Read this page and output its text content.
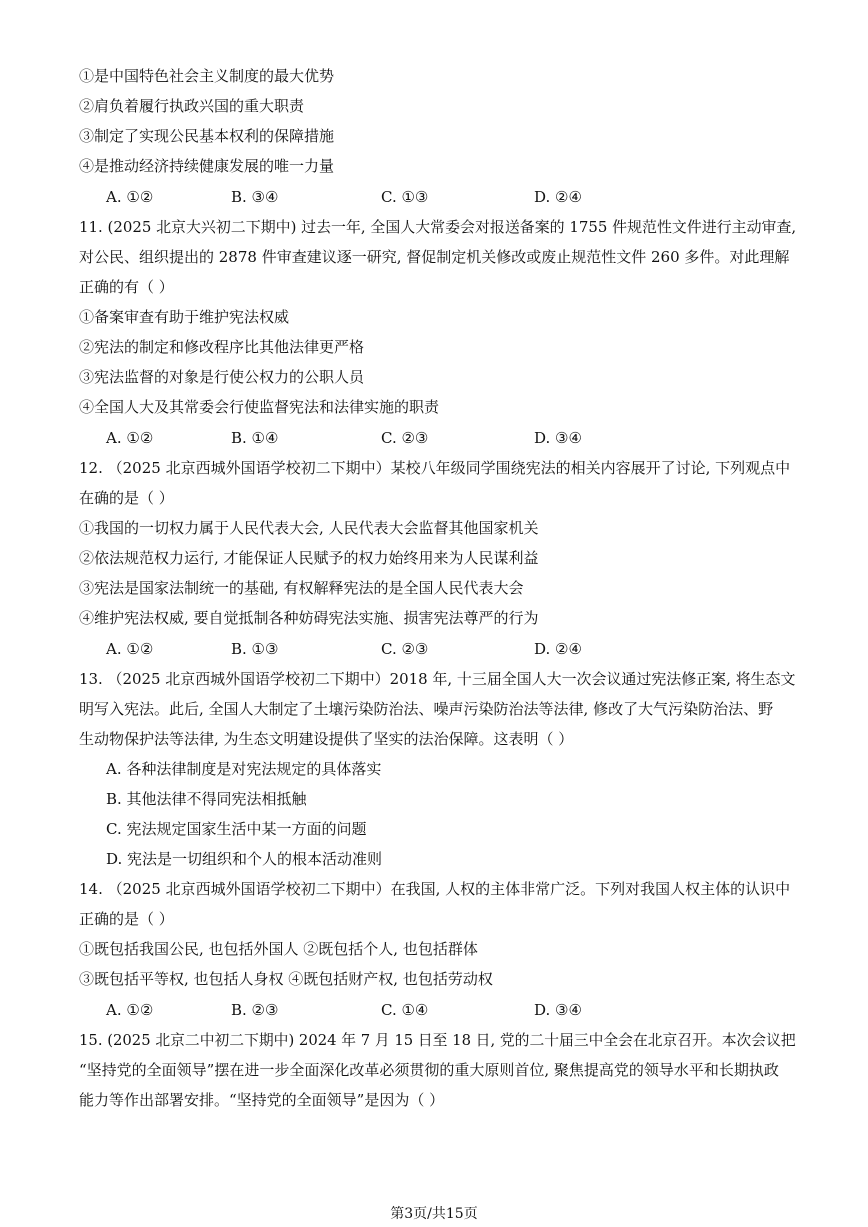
①是中国特色社会主义制度的最大优势
②肩负着履行执政兴国的重大职责
③制定了实现公民基本权利的保障措施
④是推动经济持续健康发展的唯一力量
A. ①②	B. ③④	C. ①③	D. ②④
11. (2025 北京大兴初二下期中) 过去一年, 全国人大常委会对报送备案的 1755 件规范性文件进行主动审查,
对公民、组织提出的 2878 件审查建议逐一研究, 督促制定机关修改或废止规范性文件 260 多件。对此理解
正确的有（ ）
①备案审查有助于维护宪法权威
②宪法的制定和修改程序比其他法律更严格
③宪法监督的对象是行使公权力的公职人员
④全国人大及其常委会行使监督宪法和法律实施的职责
A. ①②	B. ①④	C. ②③	D. ③④
12. （2025 北京西城外国语学校初二下期中）某校八年级同学围绕宪法的相关内容展开了讨论, 下列观点中
在确的是（ ）
①我国的一切权力属于人民代表大会, 人民代表大会监督其他国家机关
②依法规范权力运行, 才能保证人民赋予的权力始终用来为人民谋利益
③宪法是国家法制统一的基础, 有权解释宪法的是全国人民代表大会
④维护宪法权威, 要自觉抵制各种妨碍宪法实施、损害宪法尊严的行为
A. ①②	B. ①③	C. ②③	D. ②④
13. （2025 北京西城外国语学校初二下期中）2018 年, 十三届全国人大一次会议通过宪法修正案, 将生态文
明写入宪法。此后, 全国人大制定了土壤污染防治法、噪声污染防治法等法律, 修改了大气污染防治法、野
生动物保护法等法律, 为生态文明建设提供了坚实的法治保障。这表明（ ）
A. 各种法律制度是对宪法规定的具体落实
B. 其他法律不得同宪法相抵触
C. 宪法规定国家生活中某一方面的问题
D. 宪法是一切组织和个人的根本活动准则
14. （2025 北京西城外国语学校初二下期中）在我国, 人权的主体非常广泛。下列对我国人权主体的认识中
正确的是（ ）
①既包括我国公民, 也包括外国人 ②既包括个人, 也包括群体
③既包括平等权, 也包括人身权 ④既包括财产权, 也包括劳动权
A. ①②	B. ②③	C. ①④	D. ③④
15. (2025 北京二中初二下期中) 2024 年 7 月 15 日至 18 日, 党的二十届三中全会在北京召开。本次会议把
“坚持党的全面领导”摆在进一步全面深化改革必须贯彻的重大原则首位, 聚焦提高党的领导水平和长期执政
能力等作出部署安排。“坚持党的全面领导”是因为（ ）
第3页/共15页
